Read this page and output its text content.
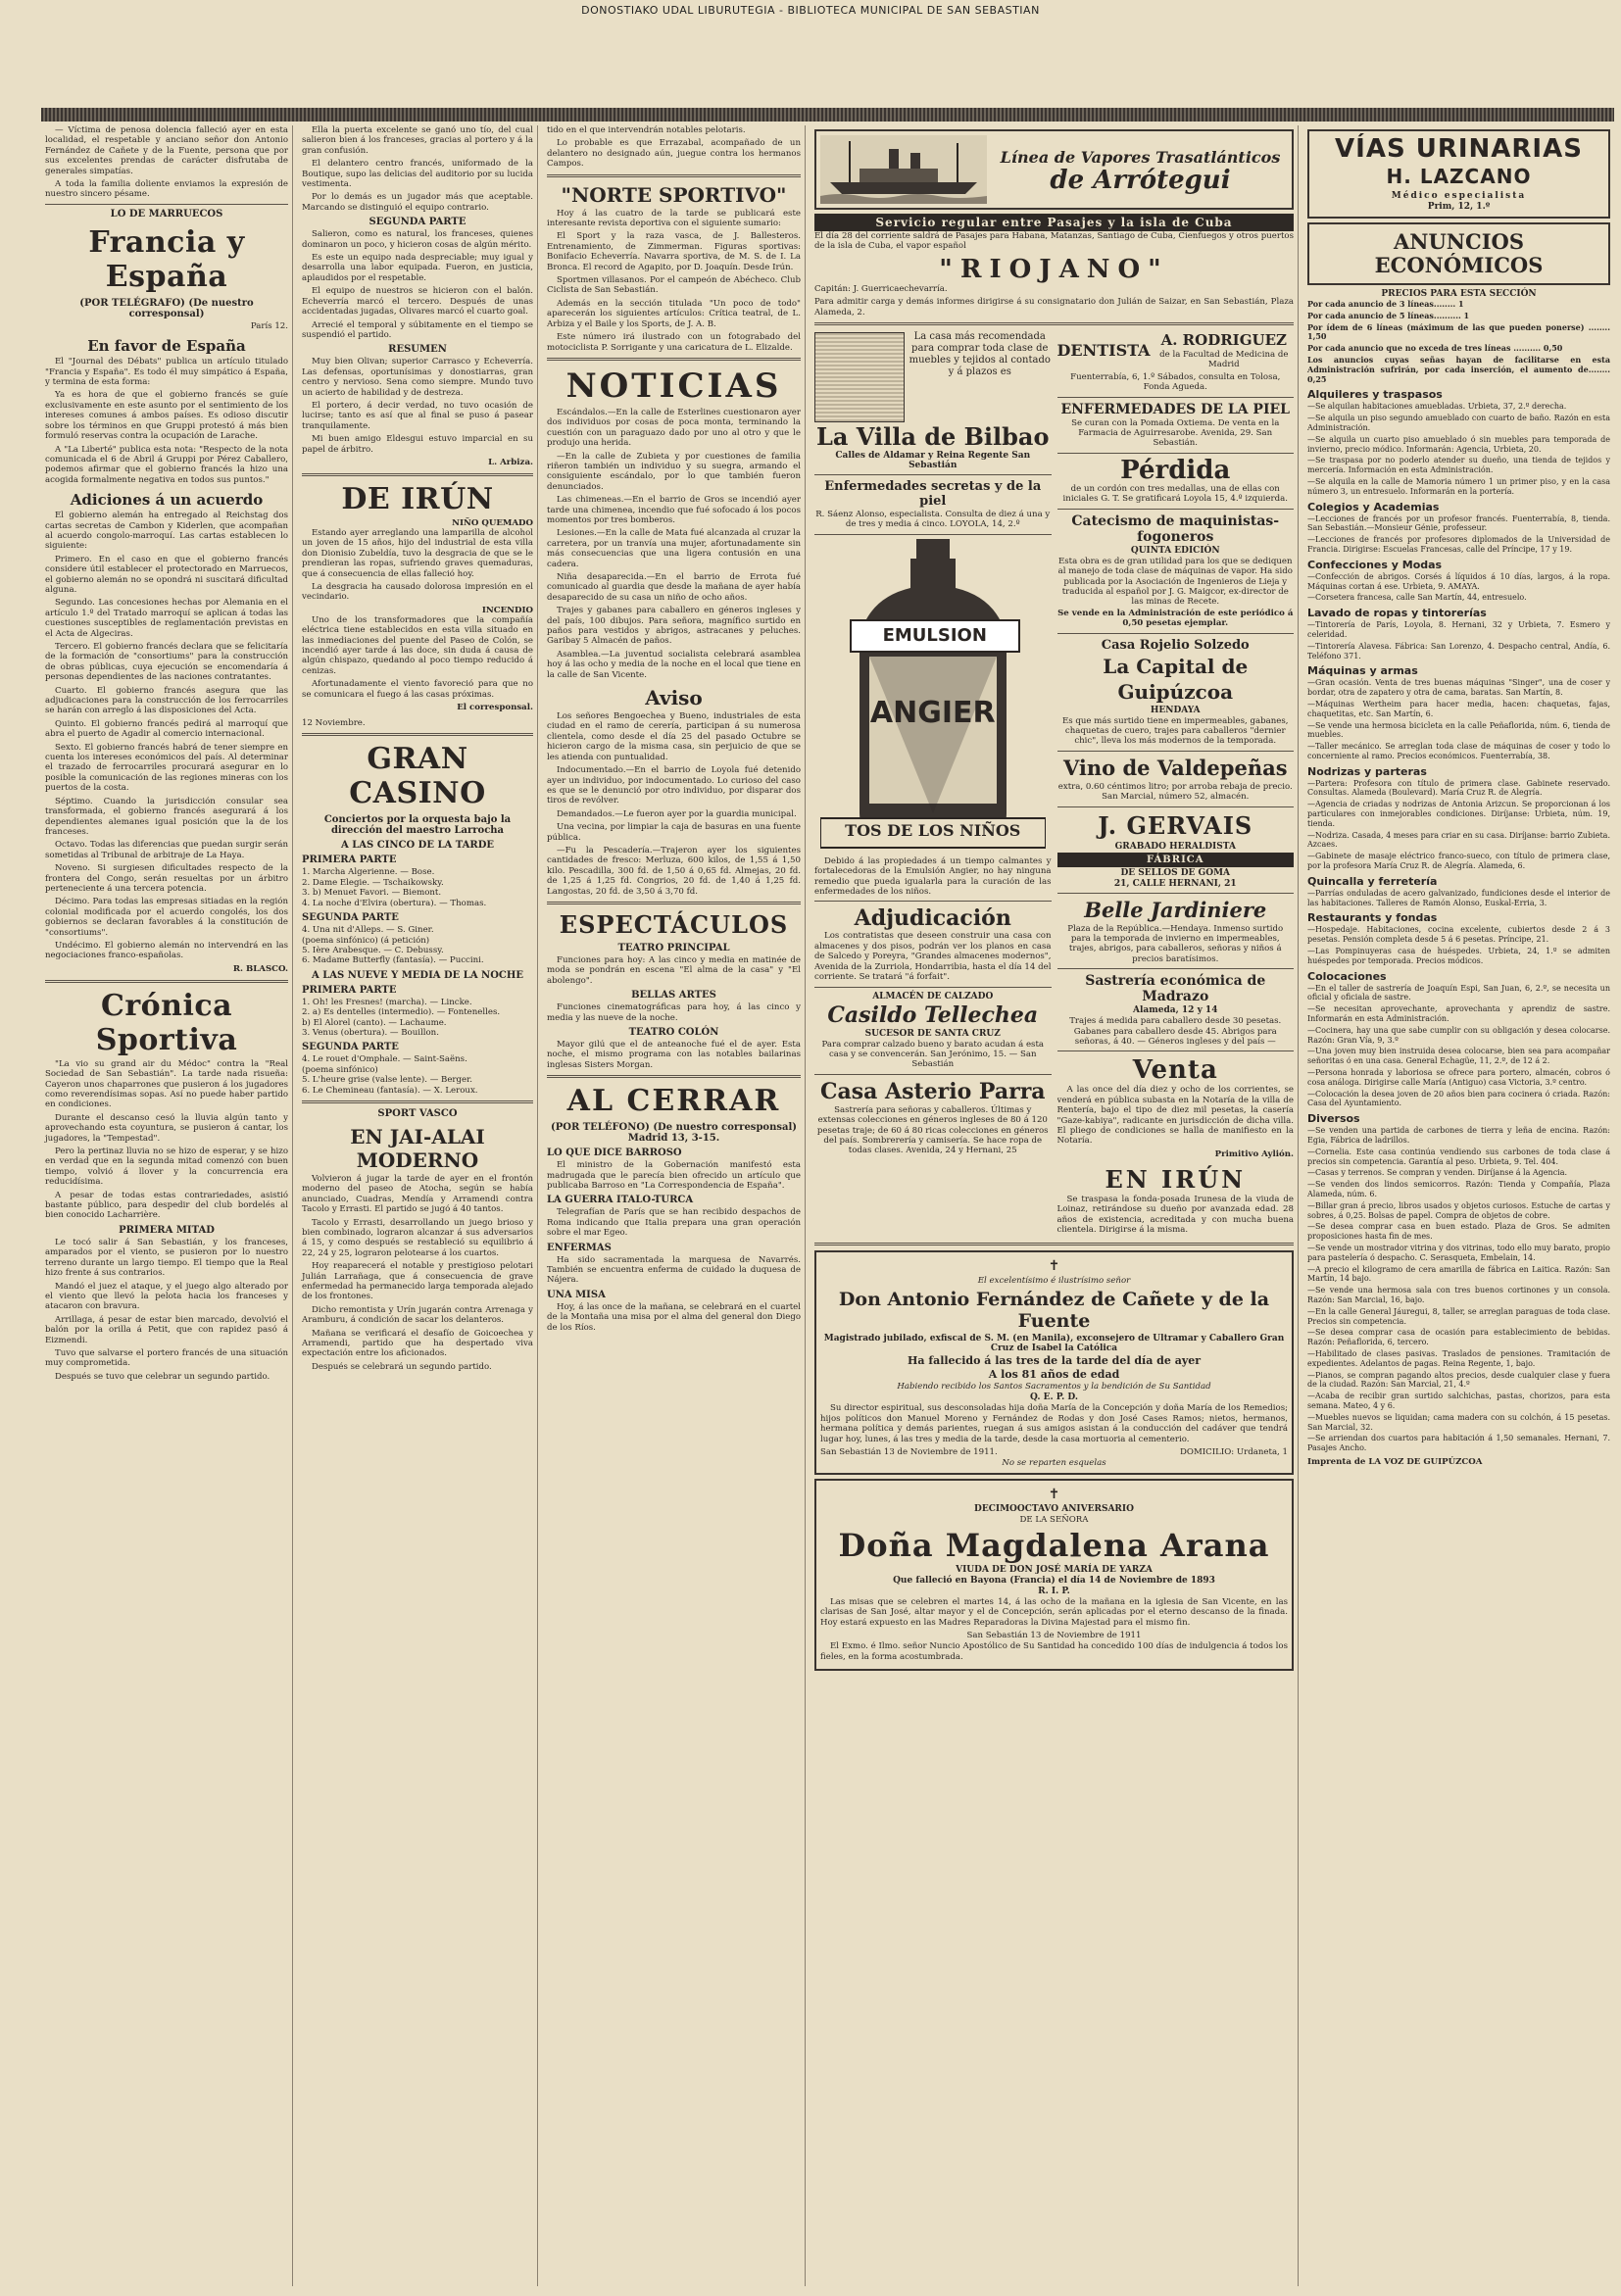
DONOSTIAKO UDAL LIBURUTEGIA - BIBLIOTECA MUNICIPAL DE SAN SEBASTIAN

— Víctima de penosa dolencia falleció ayer en esta localidad, el respetable y anciano señor don Antonio Fernández de Cañete y de la Fuente, persona que por sus excelentes prendas de carácter disfrutaba de generales simpatías.

A toda la familia doliente enviamos la expresión de nuestro sincero pésame.

LO DE MARRUECOS
Francia y España
(POR TELÉGRAFO) (De nuestro corresponsal)

París 12.

En favor de España

El "Journal des Débats" publica un artículo titulado "Francia y España". Es todo él muy simpático á España, y termina de esta forma:

Ya es hora de que el gobierno francés se guíe exclusivamente en este asunto por el sentimiento de los intereses comunes á ambos países. Es odioso discutir sobre los términos en que Gruppi protestó á más bien formuló reservas contra la ocupación de Larache.

A "La Liberté" publica esta nota: "Respecto de la nota comunicada el 6 de Abril á Gruppi por Pérez Caballero, podemos afirmar que el gobierno francés la hizo una acogida formalmente negativa en todos sus puntos."

Adiciones á un acuerdo

El gobierno alemán ha entregado al Reichstag dos cartas secretas de Cambon y Kiderlen, que acompañan al acuerdo congolo-marroquí. Las cartas establecen lo siguiente:

Primero. En el caso en que el gobierno francés considere útil establecer el protectorado en Marruecos, el gobierno alemán no se opondrá ni suscitará dificultad alguna.

Segundo. Las concesiones hechas por Alemania en el artículo 1.º del Tratado marroquí se aplican á todas las cuestiones susceptibles de reglamentación previstas en el Acta de Algeciras.

Tercero. El gobierno francés declara que se felicitaría de la formación de "consortiums" para la construcción de obras públicas, cuya ejecución se encomendaría á personas dependientes de las naciones contratantes.

Cuarto. El gobierno francés asegura que las adjudicaciones para la construcción de los ferrocarriles se harán con arreglo á las disposiciones del Acta.

Quinto. El gobierno francés pedirá al marroquí que abra el puerto de Agadir al comercio internacional.

Sexto. El gobierno francés habrá de tener siempre en cuenta los intereses económicos del país. Al determinar el trazado de ferrocarriles procurará asegurar en lo posible la comunicación de las regiones mineras con los puertos de la costa.

Séptimo. Cuando la jurisdicción consular sea transformada, el gobierno francés asegurará á los dependientes alemanes igual posición que la de los franceses.

Octavo. Todas las diferencias que puedan surgir serán sometidas al Tribunal de arbitraje de La Haya.

Noveno. Si surgiesen dificultades respecto de la frontera del Congo, serán resueltas por un árbitro perteneciente á una tercera potencia.

Décimo. Para todas las empresas sitiadas en la región colonial modificada por el acuerdo congolés, los dos gobiernos se declaran favorables á la constitución de "consortiums".

Undécimo. El gobierno alemán no intervendrá en las negociaciones franco-españolas.

R. BLASCO.
Crónica Sportiva

"La vio su grand air du Médoc" contra la "Real Sociedad de San Sebastián". La tarde nada risueña: Cayeron unos chaparrones que pusieron á los jugadores como reverendísimas sopas. Así no puede haber partido en condiciones.

Durante el descanso cesó la lluvia algún tanto y aprovechando esta coyuntura, se pusieron á cantar, los jugadores, la "Tempestad".

Pero la pertinaz lluvia no se hizo de esperar, y se hizo en verdad que en la segunda mitad comenzó con buen tiempo, volvió á llover y la concurrencia era reducidísima.

A pesar de todas estas contrariedades, asistió bastante público, para despedir del club bordelés al bien conocido Lacharrière.

PRIMERA MITAD

Le tocó salir á San Sebastián, y los franceses, amparados por el viento, se pusieron por lo nuestro terreno durante un largo tiempo. El tiempo que la Real hizo frente á sus contrarios.

Mandó el juez el ataque, y el juego algo alterado por el viento que llevó la pelota hacia los franceses y atacaron con bravura.

Arrillaga, á pesar de estar bien marcado, devolvió el balón por la orilla á Petit, que con rapidez pasó á Eizmendi.

Tuvo que salvarse el portero francés de una situación muy comprometida.

Después se tuvo que celebrar un segundo partido.

Ella la puerta excelente se ganó uno tío, del cual salieron bien á los franceses, gracias al portero y á la gran confusión.

El delantero centro francés, uniformado de la Boutique, supo las delicias del auditorio por su lucida vestimenta.

Por lo demás es un jugador más que aceptable. Marcando se distinguió el equipo contrario.

SEGUNDA PARTE

Salieron, como es natural, los franceses, quienes dominaron un poco, y hicieron cosas de algún mérito.

Es este un equipo nada despreciable; muy igual y desarrolla una labor equipada. Fueron, en justicia, aplaudidos por el respetable.

El equipo de nuestros se hicieron con el balón. Echeverría marcó el tercero. Después de unas accidentadas jugadas, Olivares marcó el cuarto goal.

Arrecié el temporal y súbitamente en el tiempo se suspendió el partido.

RESUMEN

Muy bien Olivan; superior Carrasco y Echeverría. Las defensas, oportunísimas y donostiarras, gran centro y nervioso. Sena como siempre. Mundo tuvo un acierto de habilidad y de destreza.

El portero, á decir verdad, no tuvo ocasión de lucirse; tanto es así que al final se puso á pasear tranquilamente.

Mi buen amigo Eldesgui estuvo imparcial en su papel de árbitro.

L. Arbiza.
DE IRÚN
NIÑO QUEMADO

Estando ayer arreglando una lamparilla de alcohol un joven de 15 años, hijo del industrial de esta villa don Dionisio Zubeldía, tuvo la desgracia de que se le prendieran las ropas, sufriendo graves quemaduras, que á consecuencia de ellas falleció hoy.

La desgracia ha causado dolorosa impresión en el vecindario.

INCENDIO

Uno de los transformadores que la compañía eléctrica tiene establecidos en esta villa situado en las inmediaciones del puente del Paseo de Colón, se incendió ayer tarde á las doce, sin duda á causa de algún chispazo, quedando al poco tiempo reducido á cenizas.

Afortunadamente el viento favoreció para que no se comunicara el fuego á las casas próximas.

El corresponsal.

12 Noviembre.

GRAN CASINO
Conciertos por la orquesta bajo la dirección del maestro Larrocha
A LAS CINCO DE LA TARDE
PRIMERA PARTE
1. Marcha Algerienne. — Bose.
2. Dame Elegie. — Tschaikowsky.
3. b) Menuet Favori. — Biemont.
4. La noche d'Elvira (obertura). — Thomas.
SEGUNDA PARTE
4. Una nit d'Alleps. — S. Giner.
(poema sinfónico) (á petición)
5. Ière Arabesque. — C. Debussy.
6. Madame Butterfly (fantasía). — Puccini.
A LAS NUEVE Y MEDIA DE LA NOCHE
PRIMERA PARTE
1. Oh! les Fresnes! (marcha). — Lincke.
2. a) Es dentelles (intermedio). — Fontenelles.
b) El Alorel (canto). — Lachaume.
3. Venus (obertura). — Bouillon.
SEGUNDA PARTE
4. Le rouet d'Omphale. — Saint-Saëns.
(poema sinfónico)
5. L'heure grise (valse lente). — Berger.
6. Le Chemineau (fantasía). — X. Leroux.
SPORT VASCO
EN JAI-ALAI MODERNO

Volvieron á jugar la tarde de ayer en el frontón moderno del paseo de Atocha, según se había anunciado, Cuadras, Mendía y Arramendi contra Tacolo y Errasti. El partido se jugó á 40 tantos.

Tacolo y Errasti, desarrollando un juego brioso y bien combinado, lograron alcanzar á sus adversarios á 15, y como después se restableció su equilibrio á 22, 24 y 25, lograron pelotearse á los cuartos.

Hoy reaparecerá el notable y prestigioso pelotari Julián Larrañaga, que á consecuencia de grave enfermedad ha permanecido larga temporada alejado de los frontones.

Dicho remontista y Urín jugarán contra Arrenaga y Aramburu, á condición de sacar los delanteros.

Mañana se verificará el desafío de Goicoechea y Arramendi, partido que ha despertado viva expectación entre los aficionados.

Después se celebrará un segundo partido.

tido en el que intervendrán notables pelotaris.

Lo probable es que Errazabal, acompañado de un delantero no designado aún, juegue contra los hermanos Campos.

"NORTE SPORTIVO"

Hoy á las cuatro de la tarde se publicará este interesante revista deportiva con el siguiente sumario:

El Sport y la raza vasca, de J. Ballesteros. Entrenamiento, de Zimmerman. Figuras sportivas: Bonifacio Echeverría. Navarra sportiva, de M. S. de I. La Bronca. El record de Agapito, por D. Joaquín. Desde Irún.

Sportmen villasanos. Por el campeón de Abécheco. Club Ciclista de San Sebastián.

Además en la sección titulada "Un poco de todo" aparecerán los siguientes artículos: Crítica teatral, de L. Arbiza y el Baile y los Sports, de J. A. B.

Este número irá ilustrado con un fotograbado del motociclista P. Sorrigante y una caricatura de L. Elizalde.

NOTICIAS

Escándalos.—En la calle de Esterlines cuestionaron ayer dos individuos por cosas de poca monta, terminando la cuestión con un paraguazo dado por uno al otro y que le produjo una herida.

—En la calle de Zubieta y por cuestiones de familia riñeron también un individuo y su suegra, armando el consiguiente escándalo, por lo que también fueron denunciados.

Las chimeneas.—En el barrio de Gros se incendió ayer tarde una chimenea, incendio que fué sofocado á los pocos momentos por tres bomberos.

Lesiones.—En la calle de Mata fué alcanzada al cruzar la carretera, por un tranvía una mujer, afortunadamente sin más consecuencias que una ligera contusión en una cadera.

Niña desaparecida.—En el barrio de Errota fué comunicado al guardia que desde la mañana de ayer había desaparecido de su casa un niño de ocho años.

Trajes y gabanes para caballero en géneros ingleses y del país, 100 dibujos. Para señora, magnífico surtido en paños para vestidos y abrigos, astracanes y peluches. Garibay 5 Almacén de paños.

Asamblea.—La juventud socialista celebrará asamblea hoy á las ocho y media de la noche en el local que tiene en la calle de San Vicente.

Aviso

Los señores Bengoechea y Bueno, industriales de esta ciudad en el ramo de cerería, participan á su numerosa clientela, como desde el día 25 del pasado Octubre se hicieron cargo de la misma casa, sin perjuicio de que se les atienda con puntualidad.

Indocumentado.—En el barrio de Loyola fué detenido ayer un individuo, por indocumentado. Lo curioso del caso es que se le denunció por otro individuo, por disparar dos tiros de revólver.

Demandados.—Le fueron ayer por la guardia municipal.

Una vecina, por limpiar la caja de basuras en una fuente pública.

—Fu la Pescadería.—Trajeron ayer los siguientes cantidades de fresco: Merluza, 600 kilos, de 1,55 á 1,50 kilo. Pescadilla, 300 fd. de 1,50 á 0,65 fd. Almejas, 20 fd. de 1,25 á 1,25 fd. Congrios, 20 fd. de 1,40 á 1,25 fd. Langostas, 20 fd. de 3,50 á 3,70 fd.

ESPECTÁCULOS
TEATRO PRINCIPAL

Funciones para hoy: A las cinco y media en matinée de moda se pondrán en escena "El alma de la casa" y "El abolengo".

BELLAS ARTES

Funciones cinematográficas para hoy, á las cinco y media y las nueve de la noche.

TEATRO COLÓN

Mayor gilú que el de anteanoche fué el de ayer. Esta noche, el mismo programa con las notables bailarinas inglesas Sisters Morgan.

AL CERRAR
(POR TELÉFONO) (De nuestro corresponsal) Madrid 13, 3-15.
LO QUE DICE BARROSO

El ministro de la Gobernación manifestó esta madrugada que le parecía bien ofrecido un artículo que publicaba Barroso en "La Correspondencia de España".

LA GUERRA ITALO-TURCA

Telegrafían de París que se han recibido despachos de Roma indicando que Italia prepara una gran operación sobre el mar Egeo.

ENFERMAS

Ha sido sacramentada la marquesa de Navarrés. También se encuentra enferma de cuidado la duquesa de Nájera.

UNA MISA

Hoy, á las once de la mañana, se celebrará en el cuartel de la Montaña una misa por el alma del general don Diego de los Ríos.

Línea de Vapores Trasatlánticos
de Arrótegui
Servicio regular entre Pasajes y la isla de Cuba

El día 28 del corriente saldrá de Pasajes para Habana, Matanzas, Santiago de Cuba, Cienfuegos y otros puertos de la isla de Cuba, el vapor español

"RIOJANO"

Capitán: J. Guerricaechevarría.

Para admitir carga y demás informes dirigirse á su consignatario don Julián de Saizar, en San Sebastián, Plaza Alameda, 2.

La casa más recomendada para comprar toda clase de muebles y tejidos al contado y á plazos es

La Villa de Bilbao
Calles de Aldamar y Reina Regente San Sebastián
Enfermedades secretas y de la piel

R. Sáenz Alonso, especialista. Consulta de diez á una y de tres y media á cinco. LOYOLA, 14, 2.º

EMULSION
ANGIER
TOS DE LOS NIÑOS

Debido á las propiedades á un tiempo calmantes y fortalecedoras de la Emulsión Angier, no hay ninguna remedio que pueda igualarla para la curación de las enfermedades de los niños.

Adjudicación

Los contratistas que deseen construir una casa con almacenes y dos pisos, podrán ver los planos en casa de Salcedo y Poreyra, "Grandes almacenes modernos", Avenida de la Zurriola, Hondarribia, hasta el día 14 del corriente. Se tratará "á forfait".

ALMACÉN DE CALZADO
Casildo Tellechea
SUCESOR DE SANTA CRUZ

Para comprar calzado bueno y barato acudan á esta casa y se convencerán. San Jerónimo, 15. — San Sebastián

Casa Asterio Parra

Sastrería para señoras y caballeros. Últimas y extensas colecciones en géneros ingleses de 80 á 120 pesetas traje; de 60 á 80 ricas colecciones en géneros del país. Sombrerería y camisería. Se hace ropa de todas clases. Avenida, 24 y Hernani, 25

DENTISTA
A. RODRIGUEZ
de la Facultad de Medicina de Madrid

Fuenterrabía, 6, 1.º Sábados, consulta en Tolosa, Fonda Agueda.

ENFERMEDADES DE LA PIEL

Se curan con la Pomada Oxtiema. De venta en la Farmacia de Aguirresarobe. Avenida, 29. San Sebastián.

Pérdida

de un cordón con tres medallas, una de ellas con iniciales G. T. Se gratificará Loyola 15, 4.º izquierda.

Catecismo de maquinistas-fogoneros
QUINTA EDICIÓN

Esta obra es de gran utilidad para los que se dediquen al manejo de toda clase de máquinas de vapor. Ha sido publicada por la Asociación de Ingenieros de Lieja y traducida al español por J. G. Maigcor, ex-director de las minas de Recete.

Se vende en la Administración de este periódico á 0,50 pesetas ejemplar.

Casa Rojelio Solzedo
La Capital de Guipúzcoa
HENDAYA

Es que más surtido tiene en impermeables, gabanes, chaquetas de cuero, trajes para caballeros "dernier chic", lleva los más modernos de la temporada.

Vino de Valdepeñas

extra, 0.60 céntimos litro; por arroba rebaja de precio. San Marcial, número 52, almacén.

J. GERVAIS
GRABADO HERALDISTA
FÁBRICA
DE SELLOS DE GOMA
21, CALLE HERNANI, 21
Belle Jardiniere

Plaza de la República.—Hendaya. Inmenso surtido para la temporada de invierno en impermeables, trajes, abrigos, para caballeros, señoras y niños á precios baratísimos.

Sastrería económica de Madrazo
Alameda, 12 y 14

Trajes á medida para caballero desde 30 pesetas. Gabanes para caballero desde 45. Abrigos para señoras, á 40. — Géneros ingleses y del país —

Venta

A las once del día diez y ocho de los corrientes, se venderá en pública subasta en la Notaría de la villa de Rentería, bajo el tipo de diez mil pesetas, la casería "Gaze-kabiya", radicante en jurisdicción de dicha villa. El pliego de condiciones se halla de manifiesto en la Notaría.

Primitivo Aylión.
EN IRÚN

Se traspasa la fonda-posada Irunesa de la viuda de Loinaz, retirándose su dueño por avanzada edad. 28 años de existencia, acreditada y con mucha buena clientela. Dirigirse á la misma.

✝
El excelentísimo é ilustrísimo señor
Don Antonio Fernández de Cañete y de la Fuente
Magistrado jubilado, exfiscal de S. M. (en Manila), exconsejero de Ultramar y Caballero Gran Cruz de Isabel la Católica
Ha fallecido á las tres de la tarde del día de ayer
A los 81 años de edad
Habiendo recibido los Santos Sacramentos y la bendición de Su Santidad
Q. E. P. D.

Su director espiritual, sus desconsoladas hija doña María de la Concepción y doña María de los Remedios; hijos políticos don Manuel Moreno y Fernández de Rodas y don José Cases Ramos; nietos, hermanos, hermana política y demás parientes, ruegan á sus amigos asistan á la conducción del cadáver que tendrá lugar hoy, lunes, á las tres y media de la tarde, desde la casa mortuoria al cementerio.

San Sebastián 13 de Noviembre de 1911.	DOMICILIO: Urdaneta, 1
No se reparten esquelas
✝
DECIMOOCTAVO ANIVERSARIO
DE LA SEÑORA
Doña Magdalena Arana
VIUDA DE DON JOSÉ MARÍA DE YARZA
Que falleció en Bayona (Francia) el día 14 de Noviembre de 1893
R. I. P.

Las misas que se celebren el martes 14, á las ocho de la mañana en la iglesia de San Vicente, en las clarisas de San José, altar mayor y el de Concepción, serán aplicadas por el eterno descanso de la finada. Hoy estará expuesto en las Madres Reparadoras la Divina Majestad para el mismo fin.

San Sebastián 13 de Noviembre de 1911

El Exmo. é Ilmo. señor Nuncio Apostólico de Su Santidad ha concedido 100 días de indulgencia á todos los fieles, en la forma acostumbrada.

VÍAS URINARIAS
H. LAZCANO
Médico especialista
Prim, 12, 1.º
ANUNCIOS ECONÓMICOS
PRECIOS PARA ESTA SECCIÓN

Por cada anuncio de 3 líneas........ 1

Por cada anuncio de 5 líneas.......... 1

Por ídem de 6 líneas (máximum de las que pueden ponerse) ........ 1,50

Por cada anuncio que no exceda de tres líneas .......... 0,50

Los anuncios cuyas señas hayan de facilitarse en esta Administración sufrirán, por cada inserción, el aumento de........ 0,25

Alquileres y traspasos

—Se alquilan habitaciones amuebladas. Urbieta, 37, 2.º derecha.

—Se alquila un piso segundo amueblado con cuarto de baño. Razón en esta Administración.

—Se alquila un cuarto piso amueblado ó sin muebles para temporada de invierno, precio módico. Informarán: Agencia, Urbieta, 20.

—Se traspasa por no poderlo atender su dueño, una tienda de tejidos y mercería. Información en esta Administración.

—Se alquila en la calle de Mamoria número 1 un primer piso, y en la casa número 3, un entresuelo. Informarán en la portería.

Colegios y Academias

—Lecciones de francés por un profesor francés. Fuenterrabía, 8, tienda. San Sebastián.—Monsieur Génie, professeur.

—Lecciones de francés por profesores diplomados de la Universidad de Francia. Dirigirse: Escuelas Francesas, calle del Príncipe, 17 y 19.

Confecciones y Modas

—Confección de abrigos. Corsés á líquidos á 10 días, largos, á la ropa. Máquinas cortan á ese. Urbieta, 9. AMAYA.

—Corsetera francesa, calle San Martín, 44, entresuelo.

Lavado de ropas y tintorerías

—Tintorería de París, Loyola, 8. Hernani, 32 y Urbieta, 7. Esmero y celeridad.

—Tintorería Alavesa. Fábrica: San Lorenzo, 4. Despacho central, Andía, 6. Teléfono 371.

Máquinas y armas

—Gran ocasión. Venta de tres buenas máquinas "Singer", una de coser y bordar, otra de zapatero y otra de cama, baratas. San Martín, 8.

—Máquinas Wertheim para hacer media, hacen: chaquetas, fajas, chaquetitas, etc. San Martín, 6.

—Se vende una hermosa bicicleta en la calle Peñaflorida, núm. 6, tienda de muebles.

—Taller mecánico. Se arreglan toda clase de máquinas de coser y todo lo concerniente al ramo. Precios económicos. Fuenterrabía, 38.

Nodrizas y parteras

—Partera: Profesora con título de primera clase. Gabinete reservado. Consultas. Alameda (Boulevard). María Cruz R. de Alegría.

—Agencia de criadas y nodrizas de Antonia Arizcun. Se proporcionan á los particulares con inmejorables condiciones. Diríjanse: Urbieta, núm. 19, tienda.

—Nodriza. Casada, 4 meses para criar en su casa. Diríjanse: barrio Zubieta. Azcaes.

—Gabinete de masaje eléctrico franco-sueco, con título de primera clase, por la profesora María Cruz R. de Alegría. Alameda, 6.

Quincalla y ferretería

—Parrías onduladas de acero galvanizado, fundiciones desde el interior de las habitaciones. Talleres de Ramón Alonso, Euskal-Erria, 3.

Restaurants y fondas

—Hospedaje. Habitaciones, cocina excelente, cubiertos desde 2 á 3 pesetas. Pensión completa desde 5 á 6 pesetas. Príncipe, 21.

—Las Pompinuyeras casa de huéspedes. Urbieta, 24, 1.º se admiten huéspedes por temporada. Precios módicos.

Colocaciones

—En el taller de sastrería de Joaquín Espi, San Juan, 6, 2.º, se necesita un oficial y oficiala de sastre.

—Se necesitan aprovechante, aprovechanta y aprendiz de sastre. Informarán en esta Administración.

—Cocinera, hay una que sabe cumplir con su obligación y desea colocarse. Razón: Gran Vía, 9, 3.º

—Una joven muy bien instruida desea colocarse, bien sea para acompañar señoritas ó en una casa. General Echagüe, 11, 2.º, de 12 á 2.

—Persona honrada y laboriosa se ofrece para portero, almacén, cobros ó cosa análoga. Dirigirse calle María (Antiguo) casa Victoria, 3.º centro.

—Colocación la desea joven de 20 años bien para cocinera ó criada. Razón: Casa del Ayuntamiento.

Diversos

—Se venden una partida de carbones de tierra y leña de encina. Razón: Egia, Fábrica de ladrillos.

—Cornelia. Este casa continúa vendiendo sus carbones de toda clase á precios sin competencia. Garantía al peso. Urbieta, 9. Tel. 404.

—Casas y terrenos. Se compran y venden. Diríjanse á la Agencia.

—Se venden dos lindos semicorros. Razón: Tienda y Compañía, Plaza Alameda, núm. 6.

—Billar gran á precio, libros usados y objetos curiosos. Estuche de cartas y sobres, á 0,25. Bolsas de papel. Compra de objetos de cobre.

—Se desea comprar casa en buen estado. Plaza de Gros. Se admiten proposiciones hasta fin de mes.

—Se vende un mostrador vitrina y dos vitrinas, todo ello muy barato, propio para pastelería ó despacho. C. Serasqueta, Embelain, 14.

—A precio el kilogramo de cera amarilla de fábrica en Laitica. Razón: San Martín, 14 bajo.

—Se vende una hermosa sala con tres buenos cortinones y un consola. Razón: San Marcial, 16, bajo.

—En la calle General Jáuregui, 8, taller, se arreglan paraguas de toda clase. Precios sin competencia.

—Se desea comprar casa de ocasión para establecimiento de bebidas. Razón: Peñaflorida, 6, tercero.

—Habilitado de clases pasivas. Traslados de pensiones. Tramitación de expedientes. Adelantos de pagas. Reina Regente, 1, bajo.

—Pianos, se compran pagando altos precios, desde cualquier clase y fuera de la ciudad. Razón: San Marcial, 21, 4.º

—Acaba de recibir gran surtido salchichas, pastas, chorizos, para esta semana. Mateo, 4 y 6.

—Muebles nuevos se liquidan; cama madera con su colchón, á 15 pesetas. San Marcial, 32.

—Se arriendan dos cuartos para habitación á 1,50 semanales. Hernani, 7. Pasajes Ancho.

Imprenta de LA VOZ DE GUIPÚZCOA
